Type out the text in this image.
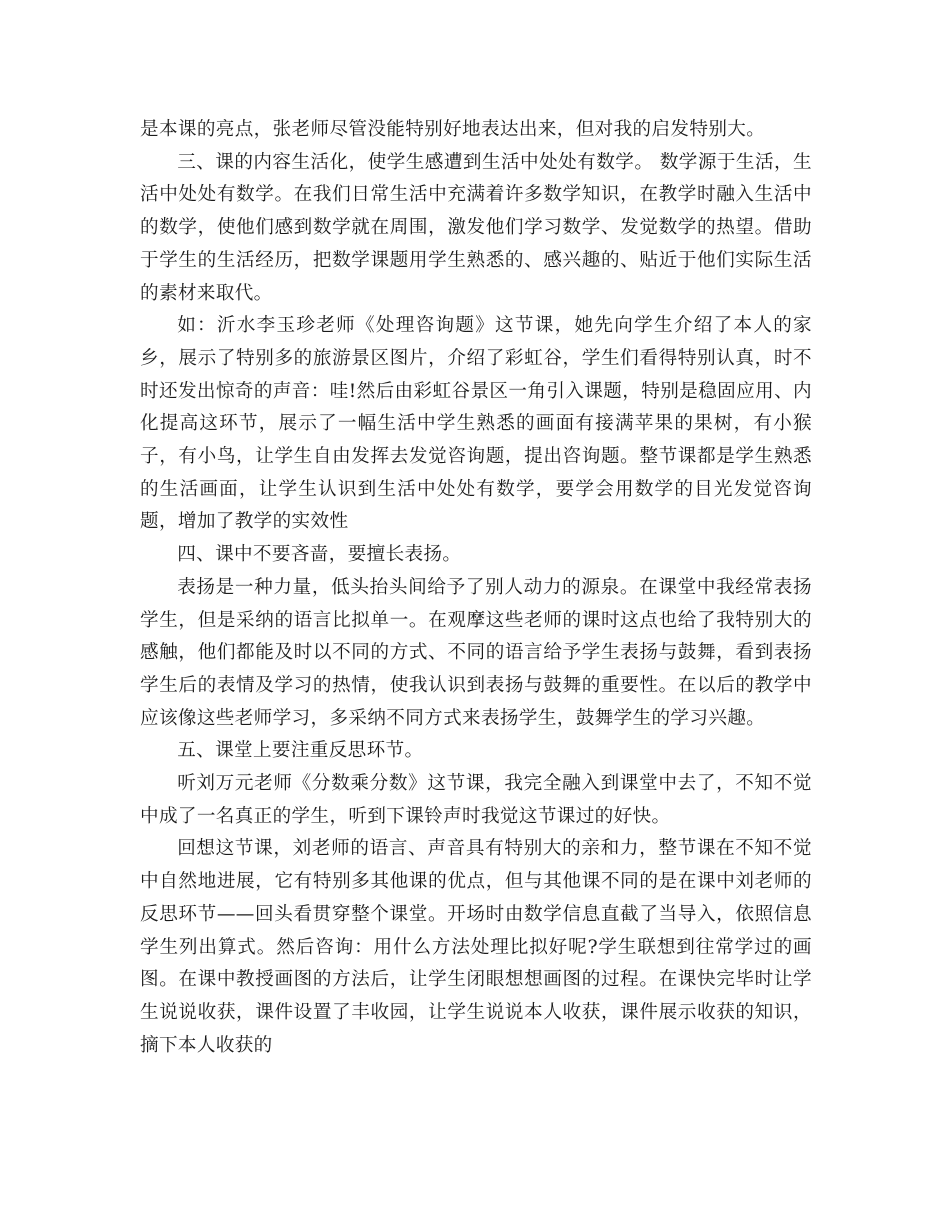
是本课的亮点，张老师尽管没能特别好地表达出来，但对我的启发特别大。

三、课的内容生活化，使学生感遭到生活中处处有数学。 数学源于生活，生活中处处有数学。在我们日常生活中充满着许多数学知识，在教学时融入生活中的数学，使他们感到数学就在周围，激发他们学习数学、发觉数学的热望。借助于学生的生活经历，把数学课题用学生熟悉的、感兴趣的、贴近于他们实际生活的素材来取代。

如：沂水李玉珍老师《处理咨询题》这节课，她先向学生介绍了本人的家乡，展示了特别多的旅游景区图片，介绍了彩虹谷，学生们看得特别认真，时不时还发出惊奇的声音：哇!然后由彩虹谷景区一角引入课题，特别是稳固应用、内化提高这环节，展示了一幅生活中学生熟悉的画面有接满苹果的果树，有小猴子，有小鸟，让学生自由发挥去发觉咨询题，提出咨询题。整节课都是学生熟悉的生活画面，让学生认识到生活中处处有数学，要学会用数学的目光发觉咨询题，增加了教学的实效性

四、课中不要吝啬，要擅长表扬。

表扬是一种力量，低头抬头间给予了别人动力的源泉。在课堂中我经常表扬学生，但是采纳的语言比拟单一。在观摩这些老师的课时这点也给了我特别大的感触，他们都能及时以不同的方式、不同的语言给予学生表扬与鼓舞，看到表扬学生后的表情及学习的热情，使我认识到表扬与鼓舞的重要性。在以后的教学中应该像这些老师学习，多采纳不同方式来表扬学生，鼓舞学生的学习兴趣。

五、课堂上要注重反思环节。

听刘万元老师《分数乘分数》这节课，我完全融入到课堂中去了，不知不觉中成了一名真正的学生，听到下课铃声时我觉这节课过的好快。

回想这节课，刘老师的语言、声音具有特别大的亲和力，整节课在不知不觉中自然地进展，它有特别多其他课的优点，但与其他课不同的是在课中刘老师的反思环节——回头看贯穿整个课堂。开场时由数学信息直截了当导入，依照信息学生列出算式。然后咨询：用什么方法处理比拟好呢?学生联想到往常学过的画图。在课中教授画图的方法后，让学生闭眼想想画图的过程。在课快完毕时让学生说说收获，课件设置了丰收园，让学生说说本人收获，课件展示收获的知识，摘下本人收获的
